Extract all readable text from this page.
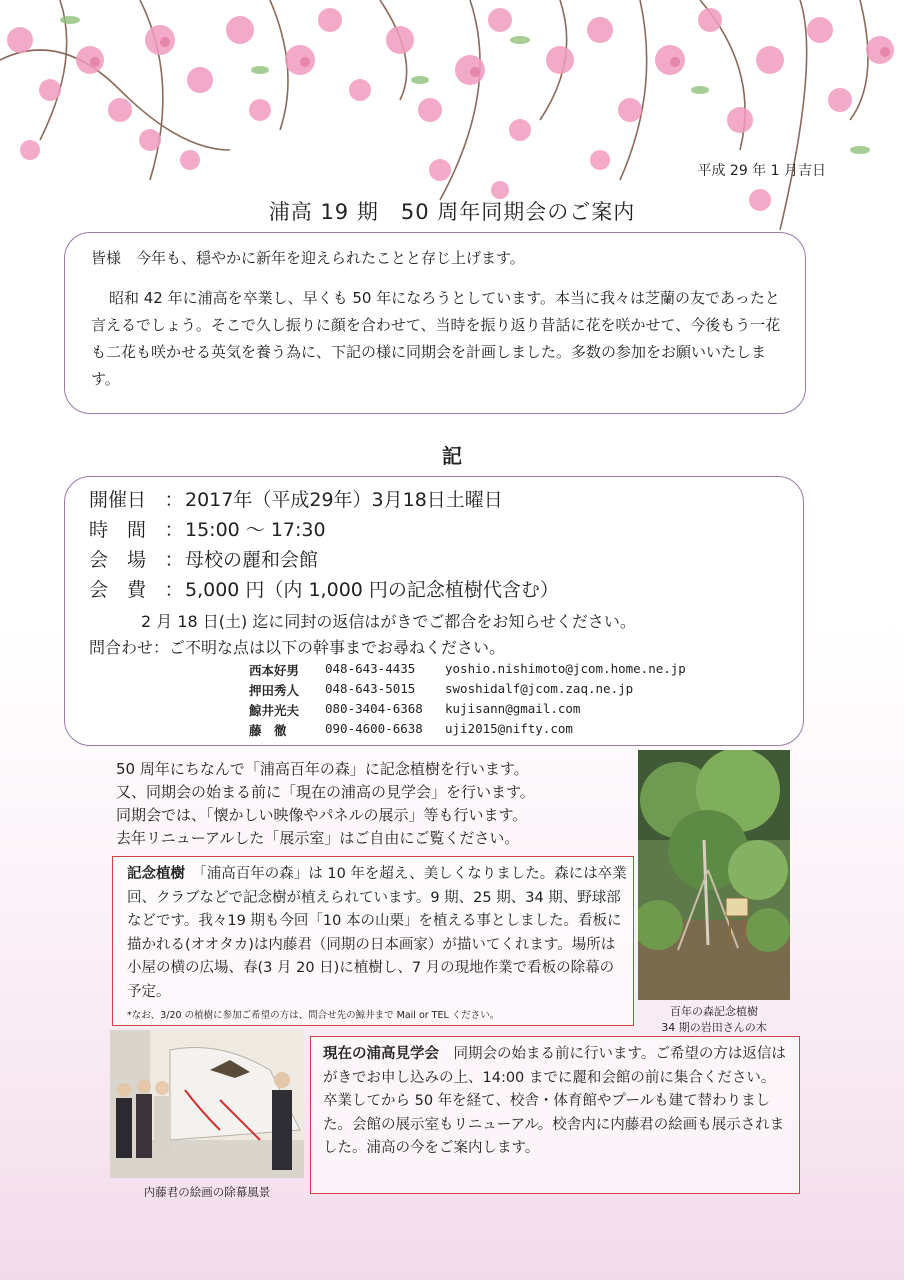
平成 29 年 1 月吉日
浦高 19 期　50 周年同期会のご案内
皆様　今年も、穏やかに新年を迎えられたことと存じ上げます。
昭和 42 年に浦高を卒業し、早くも 50 年になろうとしています。本当に我々は芝蘭の友であったと言えるでしょう。そこで久し振りに顔を合わせて、当時を振り返り昔話に花を咲かせて、今後もう一花も二花も咲かせる英気を養う為に、下記の様に同期会を計画しました。多数の参加をお願いいたします。
記
開催日 ：2017年（平成29年）3月18日土曜日
時　間 ：15:00 ～ 17:30
会　場 ：母校の麗和会館
会　費 ：5,000 円（内 1,000 円の記念植樹代含む）
2 月 18 日(土) 迄に同封の返信はがきでご都合をお知らせください。
問合わせ：ご不明な点は以下の幹事までお尋ねください。
西本好男	048-643-4435 yoshio.nishimoto@jcom.home.ne.jp
押田秀人	048-643-5015 swoshidalf@jcom.zaq.ne.jp
鯨井光夫	080-3404-6368 kujisann@gmail.com
藤　徹	090-4600-6638 uji2015@nifty.com
50 周年にちなんで「浦高百年の森」に記念植樹を行います。
又、同期会の始まる前に「現在の浦高の見学会」を行います。
同期会では、「懐かしい映像やパネルの展示」等も行います。
去年リニューアルした「展示室」はご自由にご覧ください。
百年の森記念植樹
34 期の岩田さんの木
記念植樹　「浦高百年の森」は 10 年を超え、美しくなりました。森には卒業回、クラブなどで記念樹が植えられています。9 期、25 期、34 期、野球部などです。我々19 期も今回「10 本の山栗」を植える事としました。看板に描かれる(オオタカ)は内藤君（同期の日本画家）が描いてくれます。場所は小屋の横の広場、春(3 月 20 日)に植樹し、7 月の現地作業で看板の除幕の予定。
*なお、3/20 の植樹に参加ご希望の方は、問合せ先の鯨井まで Mail or TEL ください。
内藤君の絵画の除幕風景
現在の浦高見学会　同期会の始まる前に行います。ご希望の方は返信はがきでお申し込みの上、14:00 までに麗和会館の前に集合ください。
卒業してから 50 年を経て、校舎・体育館やプールも建て替わりました。会館の展示室もリニューアル。校舎内に内藤君の絵画も展示されました。浦高の今をご案内します。
